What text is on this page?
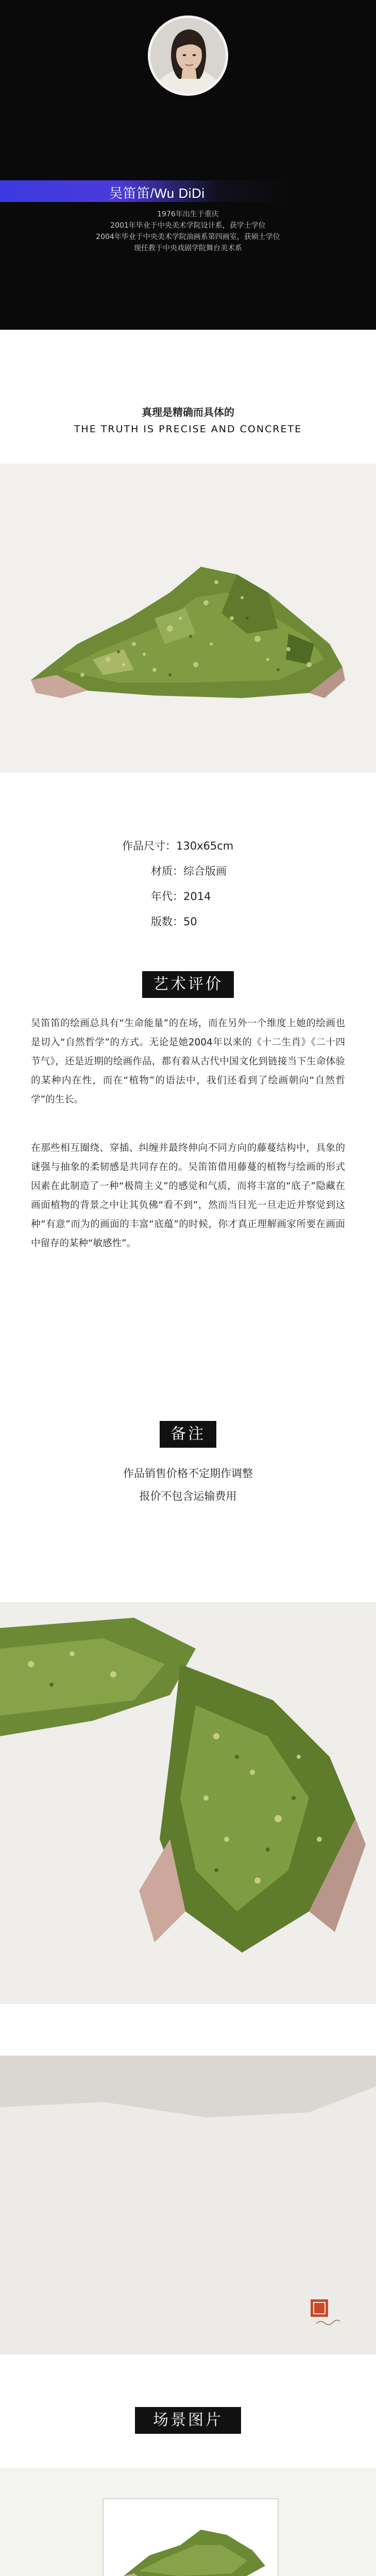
吴笛笛/Wu DiDi
1976年出生于重庆
2001年毕业于中央美术学院设计系，获学士学位
2004年毕业于中央美术学院油画系第四画室，获硕士学位
现任教于中央戏剧学院舞台美术系
真理是精确而具体的
THE TRUTH IS PRECISE AND CONCRETE
作品尺寸：130x65cm
材质：综合版画
年代：2014
版数：50
艺术评价
吴笛笛的绘画总具有“生命能量”的在场，而在另外一个维度上她的绘画也是切入“自然哲学”的方式。无论是她2004年以来的《十二生肖》《二十四节气》，还是近期的绘画作品，都有着从古代中国文化到链接当下生命体验的某种内在性，而在“植物”的语法中，我们还看到了绘画朝向“自然哲学”的生长。
在那些相互圈绕、穿插、纠缠并最终伸向不同方向的藤蔓结构中，具象的谜强与抽象的柔韧感是共同存在的。吴笛笛借用藤蔓的植物与绘画的形式因素在此制造了一种“极简主义”的感觉和气质，而将丰富的“底子”隐藏在画面植物的背景之中让其负佛“看不到”，然而当目光一旦走近并察觉到这种“有意”而为的画面的丰富“底蕴”的时候，你才真正理解画家所要在画面中留存的某种“敏感性”。
备注
作品销售价格不定期作调整
报价不包含运输费用
场景图片
